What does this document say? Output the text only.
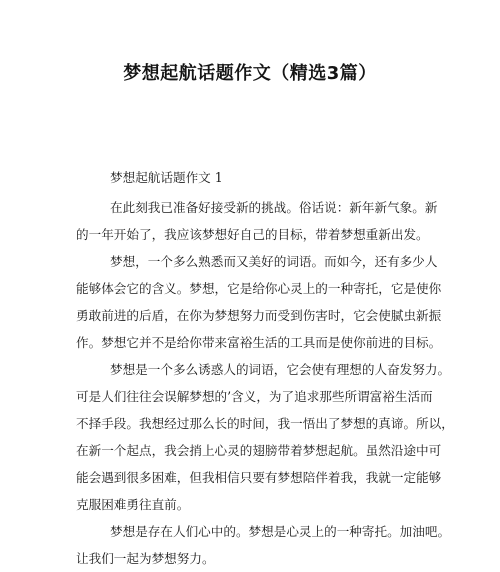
梦想起航话题作文（精选3篇）
梦想起航话题作文 1
在此刻我已准备好接受新的挑战。俗话说：新年新气象。新
的一年开始了，我应该梦想好自己的目标，带着梦想重新出发。
梦想，一个多么熟悉而又美好的词语。而如今，还有多少人
能够体会它的含义。梦想，它是给你心灵上的一种寄托，它是使你
勇敢前进的后盾，在你为梦想努力而受到伤害时，它会使腻虫新振
作。梦想它并不是给你带来富裕生活的工具而是使你前进的目标。
梦想是一个多么诱惑人的词语，它会使有理想的人奋发努力。
可是人们往往会误解梦想的’含义，为了追求那些所谓富裕生活而
不择手段。我想经过那么长的时间，我一悟出了梦想的真谛。所以，
在新一个起点，我会捎上心灵的翅膀带着梦想起航。虽然沿途中可
能会遇到很多困难，但我相信只要有梦想陪伴着我，我就一定能够
克服困难勇往直前。
梦想是存在人们心中的。梦想是心灵上的一种寄托。加油吧。
让我们一起为梦想努力。
